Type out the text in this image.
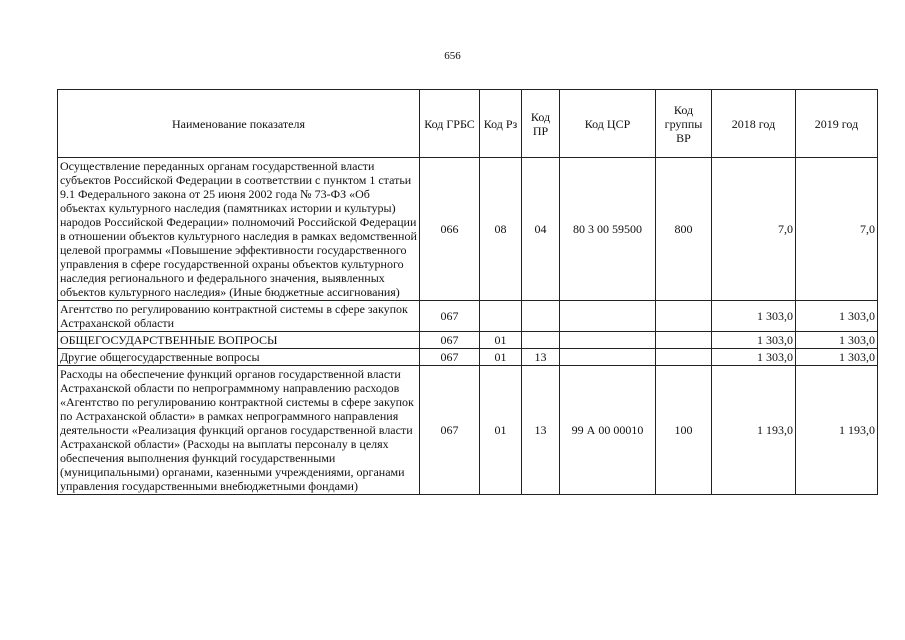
656
Наименование показателя	Код ГРБС	Код Рз	Код ПР	Код ЦСР	Код группы ВР	2018 год	2019 год
Осуществление переданных органам государственной власти субъектов Российской Федерации в соответствии с пунктом 1 статьи 9.1 Федерального закона от 25 июня 2002 года № 73-ФЗ «Об объектах культурного наследия (памятниках истории и культуры) народов Российской Федерации» полномочий Российской Федерации в отношении объектов культурного наследия в рамках ведомственной целевой программы «Повышение эффективности государственного управления в сфере государственной охраны объектов культурного наследия регионального и федерального значения, выявленных объектов культурного наследия» (Иные бюджетные ассигнования)	066	08	04	80 3 00 59500	800	7,0	7,0
Агентство по регулированию контрактной системы в сфере закупок Астраханской области	067					1 303,0	1 303,0
ОБЩЕГОСУДАРСТВЕННЫЕ ВОПРОСЫ	067	01				1 303,0	1 303,0
Другие общегосударственные вопросы	067	01	13			1 303,0	1 303,0
Расходы на обеспечение функций органов государственной власти Астраханской области по непрограммному направлению расходов «Агентство по регулированию контрактной системы в сфере закупок по Астраханской области» в рамках непрограммного направления деятельности «Реализация функций органов государственной власти Астраханской области» (Расходы на выплаты персоналу в целях обеспечения выполнения функций государственными (муниципальными) органами, казенными учреждениями, органами управления государственными внебюджетными фондами)	067	01	13	99 А 00 00010	100	1 193,0	1 193,0
